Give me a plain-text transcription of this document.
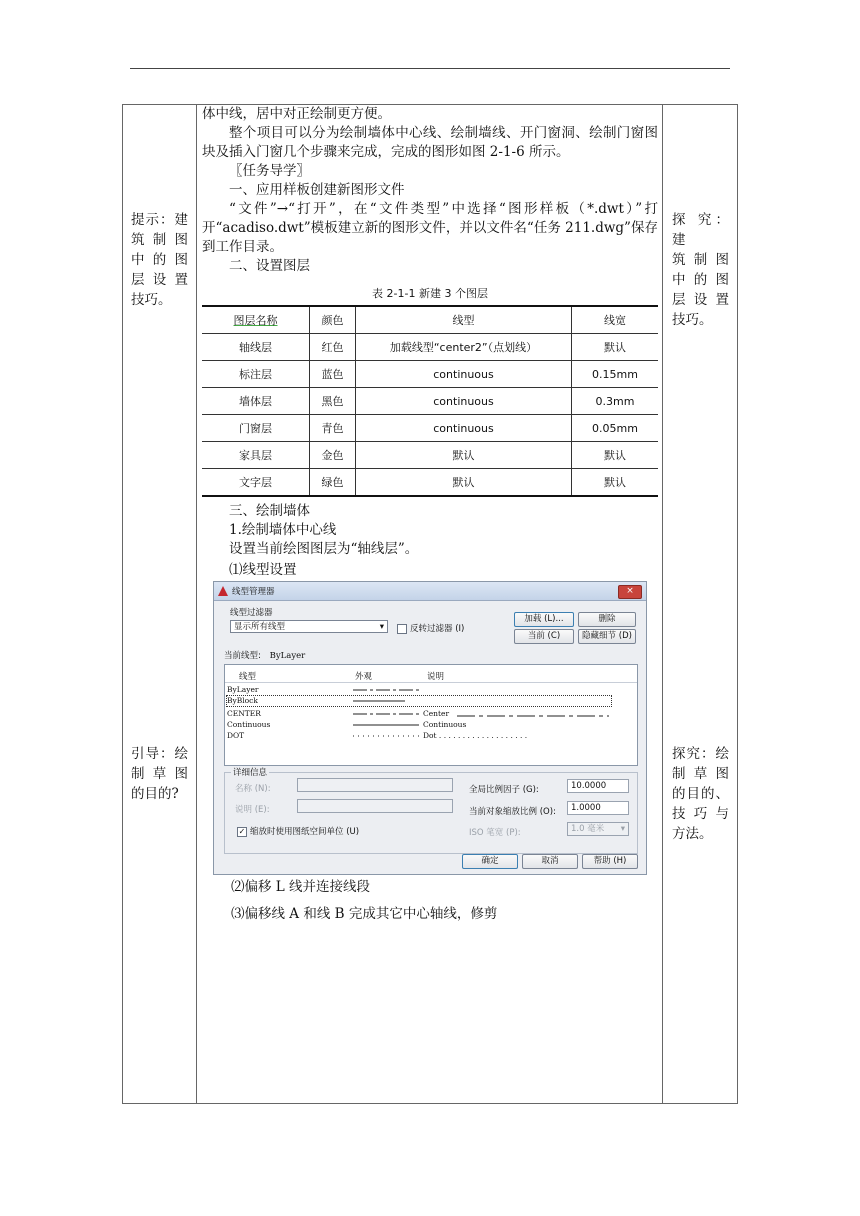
提示：建
筑 制 图
中 的 图
层 设 置
技巧。
引导：绘
制 草 图
的目的?
探 究：建
筑 制 图
中 的 图
层 设 置
技巧。
探究：绘
制 草 图
的目的、
技 巧 与
方法。
体中线，居中对正绘制更方便。
整个项目可以分为绘制墙体中心线、绘制墙线、开门窗洞、绘制门窗图块及插入门窗几个步骤来完成，完成的图形如图 2-1-6 所示。
〖任务导学〗
一、应用样板创建新图形文件
“文件”→“打开”，在“文件类型”中选择“图形样板（*.dwt）”打开“acadiso.dwt”模板建立新的图形文件，并以文件名“任务 211.dwg”保存到工作目录。
二、设置图层
表 2-1-1 新建 3 个图层
图层名称	颜色	线型	线宽
轴线层	红色	加载线型“center2”（点划线）	默认
标注层	蓝色	continuous	0.15mm
墙体层	黑色	continuous	0.3mm
门窗层	青色	continuous	0.05mm
家具层	金色	默认	默认
文字层	绿色	默认	默认
三、绘制墙体
1.绘制墙体中心线
设置当前绘图图层为“轴线层”。
⑴线型设置
线型管理器	×
线型过滤器
显示所有线型	▾	反转过滤器 (I)
加载 (L)...	删除
当前 (C)	隐藏细节 (D)
当前线型: ByLayer
线型	外观	说明
ByLayer
ByBlock
CENTER	Center
Continuous	Continuous
DOT	Dot . . . . . . . . . . . . . . . . . . .
详细信息
名称 (N):
说明 (E):
✓ 缩放时使用图纸空间单位 (U)
全局比例因子 (G):	10.0000
当前对象缩放比例 (O):	1.0000
ISO 笔宽 (P):	1.0 毫米 ▾
确定	取消	帮助 (H)
⑵偏移 L 线并连接线段
⑶偏移线 A 和线 B 完成其它中心轴线，修剪
